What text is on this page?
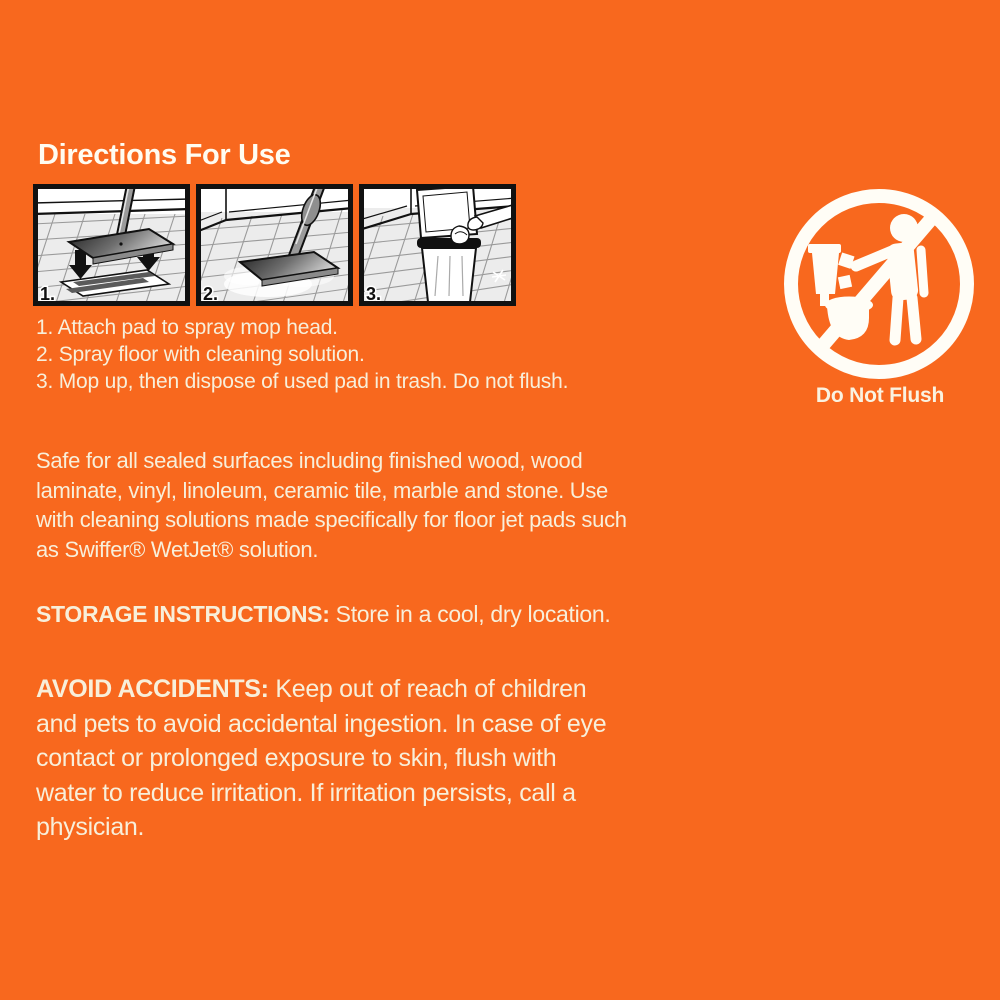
Directions For Use
1.	2.	3.
1. Attach pad to spray mop head.
2. Spray floor with cleaning solution.
3. Mop up, then dispose of used pad in trash. Do not flush.
Do Not Flush
Safe for all sealed surfaces including finished wood, wood
laminate, vinyl, linoleum, ceramic tile, marble and stone. Use
with cleaning solutions made specifically for floor jet pads such
as Swiffer® WetJet® solution.
STORAGE INSTRUCTIONS: Store in a cool, dry location.
AVOID ACCIDENTS: Keep out of reach of children
and pets to avoid accidental ingestion. In case of eye
contact or prolonged exposure to skin, flush with
water to reduce irritation. If irritation persists, call a
physician.
